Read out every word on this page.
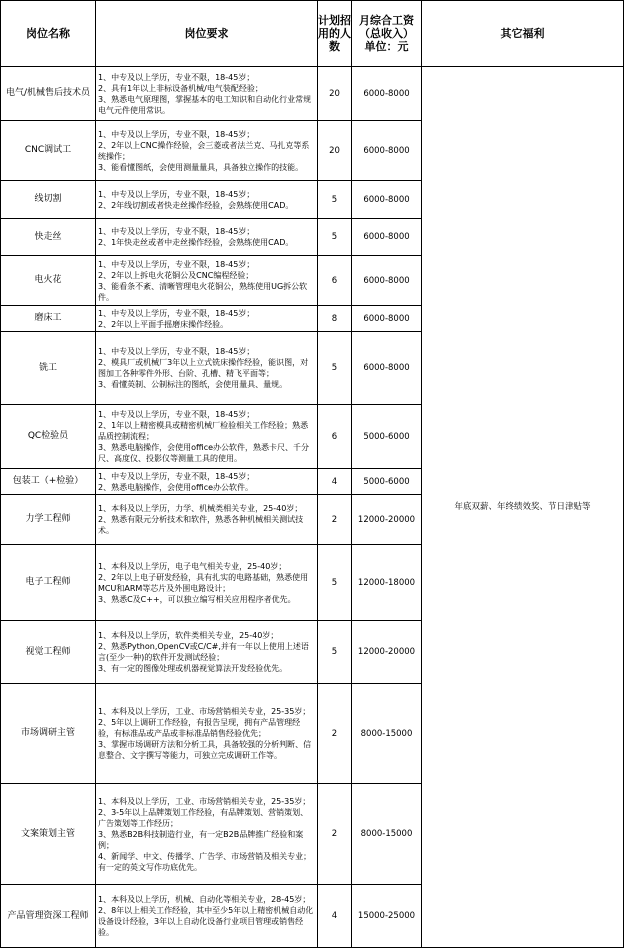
岗位名称	岗位要求	计划招
用的人
数	月综合工资
（总收入）
单位：元	其它福利
电气/机械售后技术员	1、中专及以上学历，专业不限，18-45岁；
2、具有1年以上非标设备机械/电气装配经验；
3、熟悉电气原理图，掌握基本的电工知识和自动化行业常规电气元件使用常识。	20	6000-8000	年底双薪、年终绩效奖、节日津贴等
CNC调试工	1、中专及以上学历，专业不限，18-45岁；
2、2年以上CNC操作经验，会三菱或者法兰克、马扎克等系统操作；
3、能看懂图纸，会使用测量量具，具备独立操作的技能。	20	6000-8000	
线切割	1、中专及以上学历，专业不限，18-45岁；
2、2年线切割或者快走丝操作经验，会熟练使用CAD。	5	6000-8000	
快走丝	1、中专及以上学历，专业不限，18-45岁；
2、1年快走丝或者中走丝操作经验，会熟练使用CAD。	5	6000-8000	
电火花	1、中专及以上学历，专业不限，18-45岁；
2、2年以上拆电火花铜公及CNC编程经验；
3、能看条不紊、清晰管理电火花铜公，熟练使用UG拆公软件。	6	6000-8000	
磨床工	1、中专及以上学历，专业不限，18-45岁；
2、2年以上平面手摇磨床操作经验。	8	6000-8000	
铣工	1、中专及以上学历，专业不限，18-45岁；
2、模具厂或机械厂3年以上立式铣床操作经验，能识图，对图加工各种零件外形、台阶、孔槽、精飞平面等；
3、看懂英制、公制标注的图纸，会使用量具、量规。	5	6000-8000	
QC检验员	1、中专及以上学历，专业不限，18-45岁；
2、1年以上精密模具或精密机械厂检验相关工作经验；熟悉品质控制流程；
3、熟悉电脑操作，会使用office办公软件，熟悉卡尺、千分尺、高度仪、投影仪等测量工具的使用。	6	5000-6000	
包装工（+检验）	1、中专及以上学历，专业不限，18-45岁；
2、熟悉电脑操作，会使用office办公软件。	4	5000-6000	
力学工程师	1、本科及以上学历，力学、机械类相关专业，25-40岁；
2、熟悉有限元分析技术和软件，熟悉各种机械相关测试技术。	2	12000-20000	
电子工程师	1、本科及以上学历，电子电气相关专业，25-40岁；
2、2年以上电子研发经验，具有扎实的电路基础，熟悉使用MCU和ARM等芯片及外围电路设计；
3、熟悉C及C++，可以独立编写相关应用程序者优先。	5	12000-18000	
视觉工程师	1、本科及以上学历，软件类相关专业，25-40岁；
2、熟悉Python,OpenCV或C/C#,并有一年以上使用上述语言(至少一种)的软件开发测试经验；
3、有一定的图像处理或机器视觉算法开发经验优先。	5	12000-20000	
市场调研主管	1、本科及以上学历，工业、市场营销相关专业，25-35岁；
2、5年以上调研工作经验，有报告呈现，拥有产品管理经验，有标准品或产品或非标准品销售经验优先；
3、掌握市场调研方法和分析工具，具备较强的分析判断、信息整合、文字撰写等能力，可独立完成调研工作等。	2	8000-15000	
文案策划主管	1、本科及以上学历，工业、市场营销相关专业，25-35岁；
2、3-5年以上品牌策划工作经验，有品牌策划、营销策划、广告策划等工作经历；
3、熟悉B2B科技制造行业，有一定B2B品牌推广经验和案例；
4、新闻学、中文、传播学、广告学、市场营销及相关专业；有一定的英文写作功底优先。	2	8000-15000	
产品管理资深工程师	1、本科及以上学历，机械、自动化等相关专业，28-45岁；
2、8年以上相关工作经验，其中至少5年以上精密机械自动化设备设计经验，3年以上自动化设备行业项目管理或销售经验。	4	15000-25000	
